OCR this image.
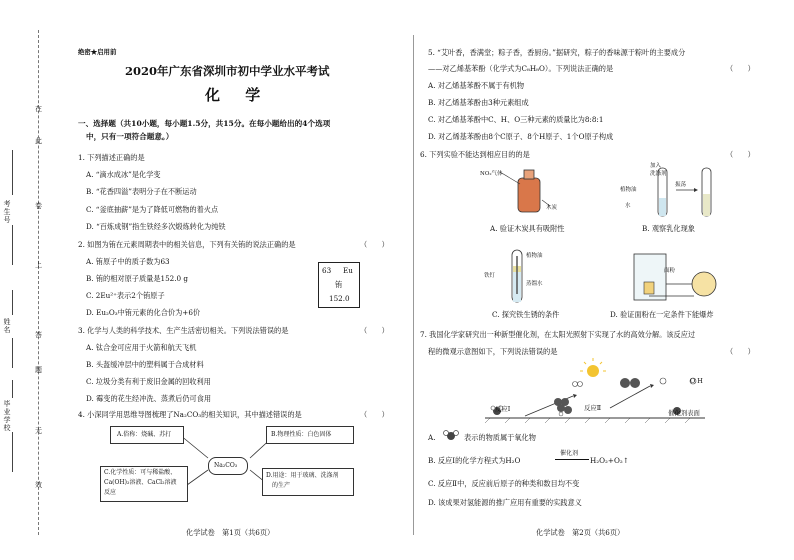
在
此
卷
上
答
题
无
效
考生号
姓名
毕业学校
绝密★启用前
2020年广东省深圳市初中学业水平考试
化 学
一、选择题（共10小题，每小题1.5分，共15分。在每小题给出的4个选项
中，只有一项符合题意。）
1. 下列描述正确的是
A. “滴水成冰”是化学变
B. “花香四溢”表明分子在不断运动
C. “釜底抽薪”是为了降低可燃物的着火点
D. “百炼成钢”指生铁经多次煅炼转化为纯铁
2. 如图为铕在元素周期表中的相关信息，下列有关铕的说法正确的是	（　　）
A. 铕原子中的质子数为63
B. 铕的相对原子质量是152.0 g
C. 2Eu²⁺表示2个铕原子
D. Eu₂O₃中铕元素的化合价为+6价
63 Eu
铕
152.0
3. 化学与人类的科学技术、生产生活密切相关。下列说法错误的是	（　　）
A. 钛合金可应用于火箭和航天飞机
B. 头盔缓冲层中的塑料属于合成材料
C. 垃圾分类有利于废旧金属的回收利用
D. 霉变的花生经冲洗、蒸煮后仍可食用
4. 小深同学用思维导图梳理了Na₂CO₃的相关知识，其中描述错误的是	（　　）
A.俗称：烧碱、苏打	B.物理性质：白色固体
Na₂CO₃
C.化学性质：可与稀盐酸、
Ca(OH)₂溶液、CaCl₂溶液
反应
D.用途：用于玻璃、洗涤剂
的生产
化学试卷　第1页（共6页）
5. “艾叶香，香满堂；粽子香，香厨房。”据研究，粽子的香味源于粽叶的主要成分
——对乙烯基苯酚（化学式为C₈H₈O）。下列说法正确的是	（　　）
A. 对乙烯基苯酚不属于有机物
B. 对乙烯基苯酚由3种元素组成
C. 对乙烯基苯酚中C、H、O三种元素的质量比为8:8:1
D. 对乙烯基苯酚由8个C原子、8个H原子、1个O原子构成
6. 下列实验不能达到相应目的的是	（　　）
NO₂气体
木炭
A. 验证木炭具有吸附性
加入
洗涤剂
振荡
植物油
水
B. 观察乳化现象
植物油
铁钉
蒸馏水
C. 探究铁生锈的条件
面粉
D. 验证面粉在一定条件下能爆炸
7. 我国化学家研究出一种新型催化剂，在太阳光照射下实现了水的高效分解。该反应过
程的微观示意图如下，下列说法错误的是	（　　）
O H
反应Ⅰ	反应Ⅱ
催化剂表面
A.	表示的物质属于氧化物
B. 反应Ⅰ的化学方程式为H₂O
催化剂
H₂O₂+O₂↑
C. 反应Ⅱ中，反应前后原子的种类和数目均不变
D. 该成果对氢能源的推广应用有重要的实践意义
化学试卷　第2页（共6页）
